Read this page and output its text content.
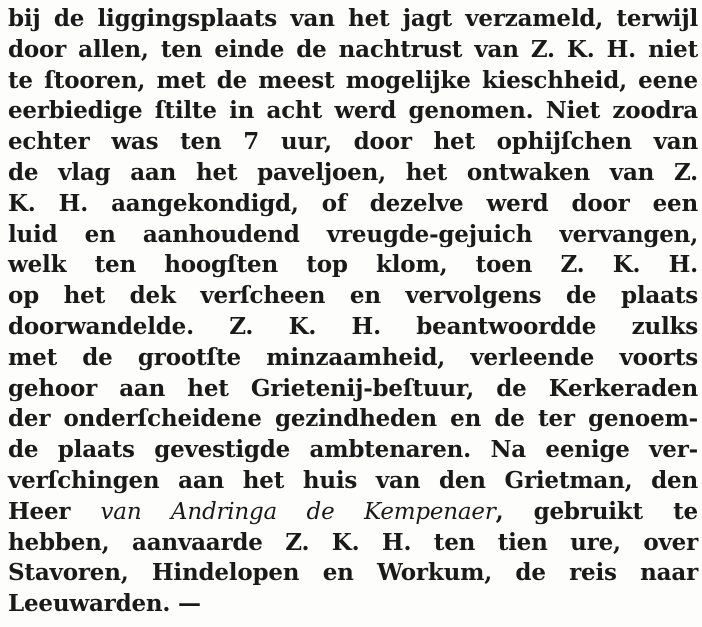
bij de liggingsplaats van het jagt verzameld, terwijl
door allen, ten einde de nachtrust van Z. K. H. niet
te ſtooren, met de meest mogelijke kieschheid, eene
eerbiedige ſtilte in acht werd genomen. Niet zoodra
echter was ten 7 uur, door het ophijſchen van
de vlag aan het paveljoen, het ontwaken van Z.
K. H. aangekondigd, of dezelve werd door een
luid en aanhoudend vreugde-gejuich vervangen,
welk ten hoogſten top klom, toen Z. K. H.
op het dek verſcheen en vervolgens de plaats
doorwandelde. Z. K. H. beantwoordde zulks
met de grootſte minzaamheid, verleende voorts
gehoor aan het Grietenij-beſtuur, de Kerkeraden
der onderſcheidene gezindheden en de ter genoem-
de plaats gevestigde ambtenaren. Na eenige ver-
verſchingen aan het huis van den Grietman, den
Heer van Andringa de Kempenaer, gebruikt te
hebben, aanvaarde Z. K. H. ten tien ure, over
Stavoren, Hindelopen en Workum, de reis naar
Leeuwarden. —
